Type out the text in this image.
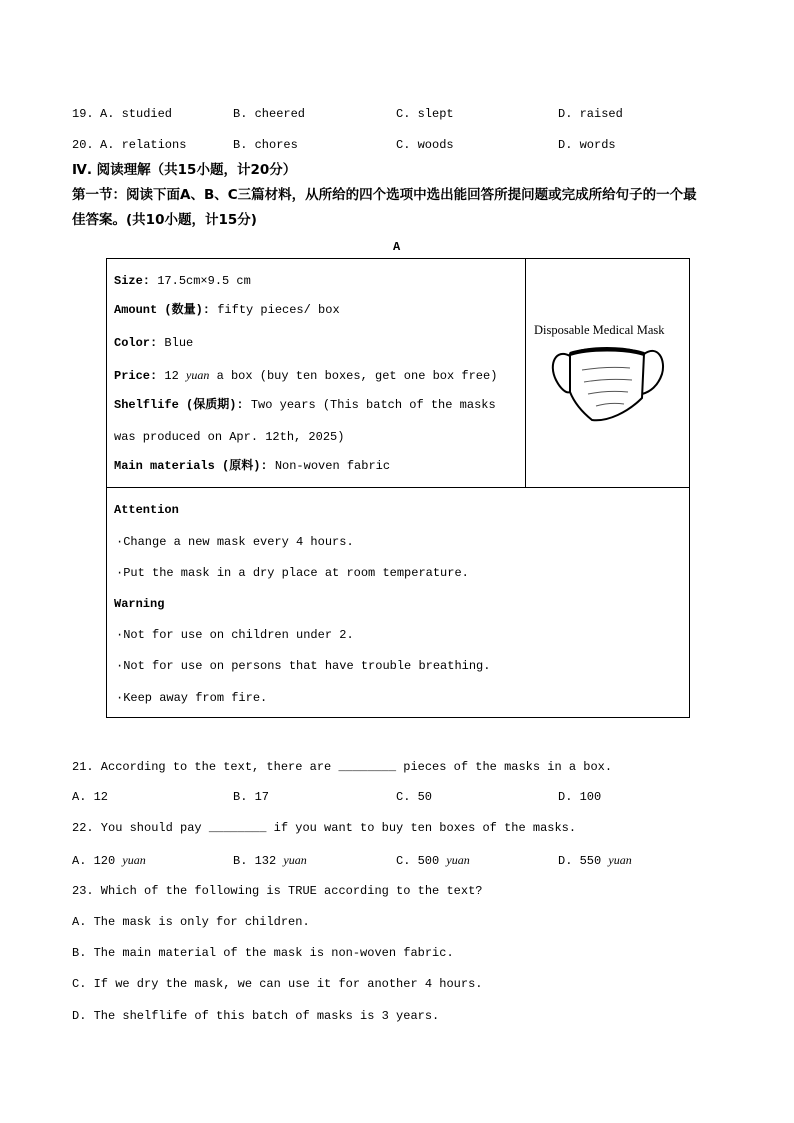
19. A. studied	B. cheered	C. slept	D. raised
20. A. relations	B. chores	C. woods	D. words
Ⅳ. 阅读理解（共15小题，计20分）
第一节：阅读下面A、B、C三篇材料，从所给的四个选项中选出能回答所提问题或完成所给句子的一个最
佳答案。(共10小题，计15分)
A
Size: 17.5cm×9.5 cm
Amount (数量): fifty pieces/ box
Color: Blue
Price: 12 yuan a box (buy ten boxes, get one box free)
Shelflife (保质期): Two years (This batch of the masks
was produced on Apr. 12th, 2025)
Main materials (原料): Non-woven fabric
Disposable Medical Mask
Attention
·Change a new mask every 4 hours.
·Put the mask in a dry place at room temperature.
Warning
·Not for use on children under 2.
·Not for use on persons that have trouble breathing.
·Keep away from fire.
21. According to the text, there are ________ pieces of the masks in a box.
A. 12	B. 17	C. 50	D. 100
22. You should pay ________ if you want to buy ten boxes of the masks.
A. 120 yuan	B. 132 yuan	C. 500 yuan	D. 550 yuan
23. Which of the following is TRUE according to the text?
A. The mask is only for children.
B. The main material of the mask is non-woven fabric.
C. If we dry the mask, we can use it for another 4 hours.
D. The shelflife of this batch of masks is 3 years.
